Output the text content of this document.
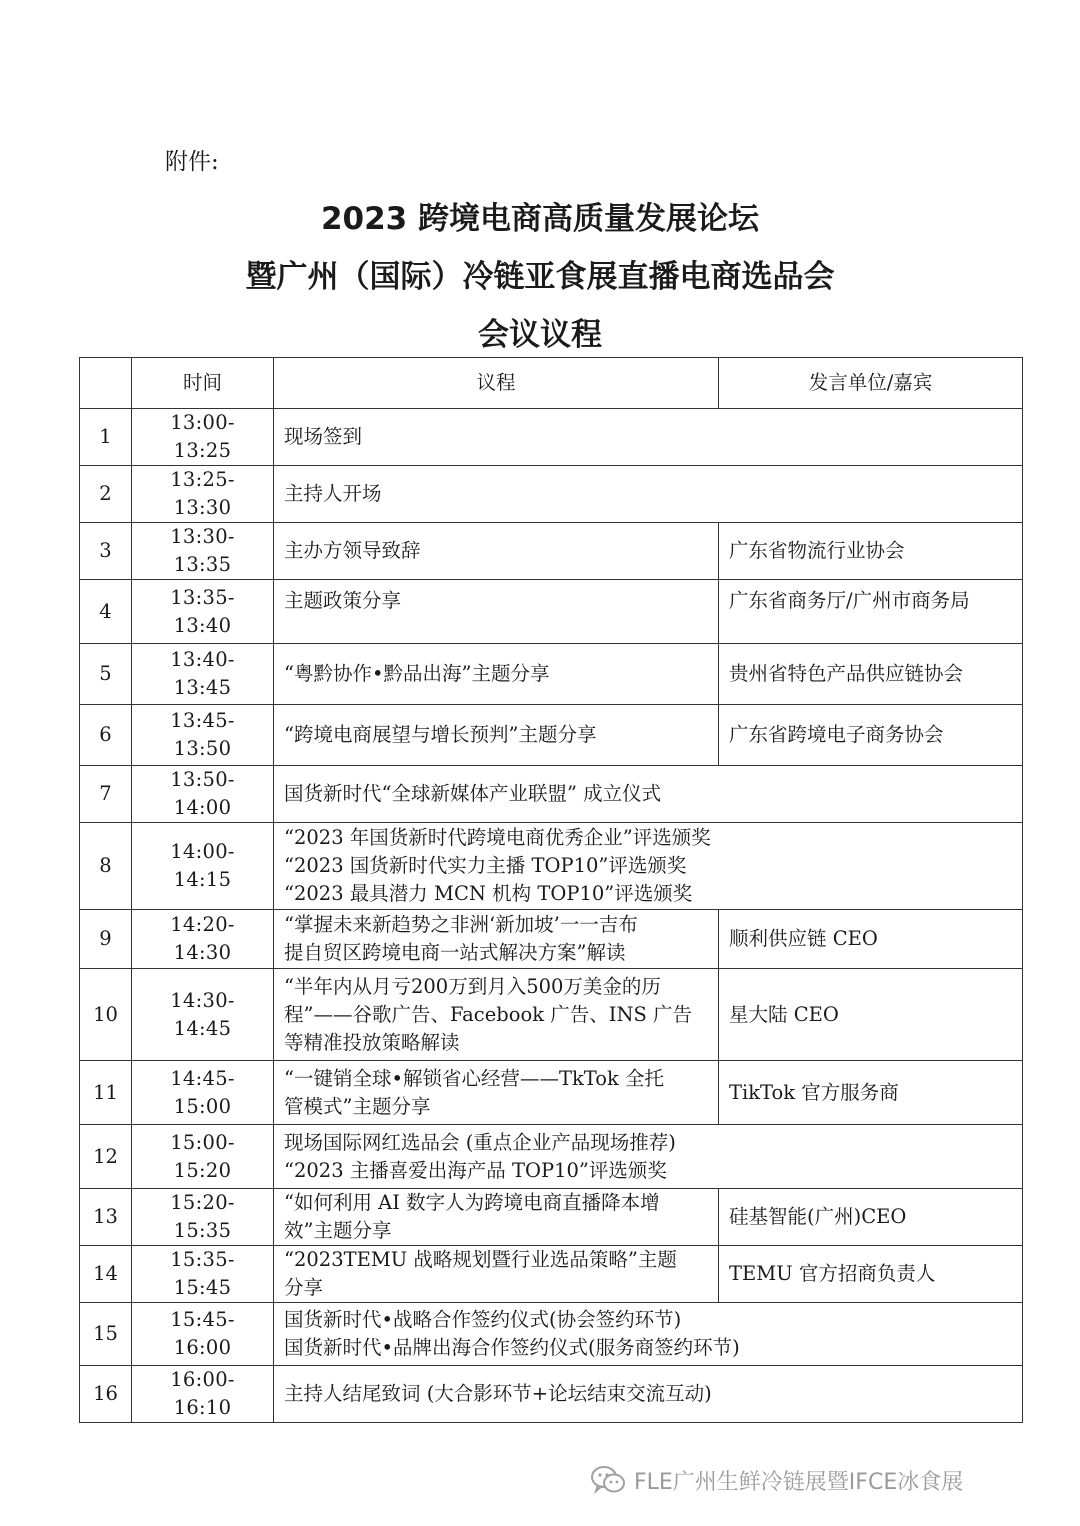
附件:
2023 跨境电商高质量发展论坛
暨广州（国际）冷链亚食展直播电商选品会
会议议程
	时间	议程	发言单位/嘉宾
1	13:00-13:25	现场签到	

2	13:25-13:30	主持人开场	

3	13:30-13:35	主办方领导致辞	广东省物流行业协会
4	13:35-13:40	主题政策分享	广东省商务厅/广州市商务局
5	13:40-13:45	“粤黔协作•黔品出海”主题分享	贵州省特色产品供应链协会
6	13:45-13:50	“跨境电商展望与增长预判”主题分享	广东省跨境电子商务协会
7	13:50-14:00	国货新时代“全球新媒体产业联盟” 成立仪式	

8	14:00-14:15	“2023 年国货新时代跨境电商优秀企业”评选颁奖
“2023 国货新时代实力主播 TOP10”评选颁奖
“2023 最具潜力 MCN 机构 TOP10”评选颁奖	

9	14:20-14:30	“掌握未来新趋势之非洲‘新加坡’一一吉布
提自贸区跨境电商一站式解决方案”解读	顺利供应链 CEO
10	14:30-14:45	“半年内从月亏200万到月入500万美金的历
程”——谷歌广告、Facebook 广告、INS 广告
等精准投放策略解读	星大陆 CEO
11	14:45-15:00	“一键销全球•解锁省心经营——TkTok 全托
管模式”主题分享	TikTok 官方服务商
12	15:00-15:20	现场国际网红选品会 (重点企业产品现场推荐)
“2023 主播喜爱出海产品 TOP10”评选颁奖	

13	15:20-15:35	“如何利用 AI 数字人为跨境电商直播降本增
效”主题分享	硅基智能(广州)CEO
14	15:35-15:45	“2023TEMU 战略规划暨行业选品策略”主题
分享	TEMU 官方招商负责人
15	15:45-16:00	国货新时代•战略合作签约仪式(协会签约环节)
国货新时代•品牌出海合作签约仪式(服务商签约环节)	

16	16:00-16:10	主持人结尾致词 (大合影环节+论坛结束交流互动)	
FLE广州生鲜冷链展暨IFCE冰食展
